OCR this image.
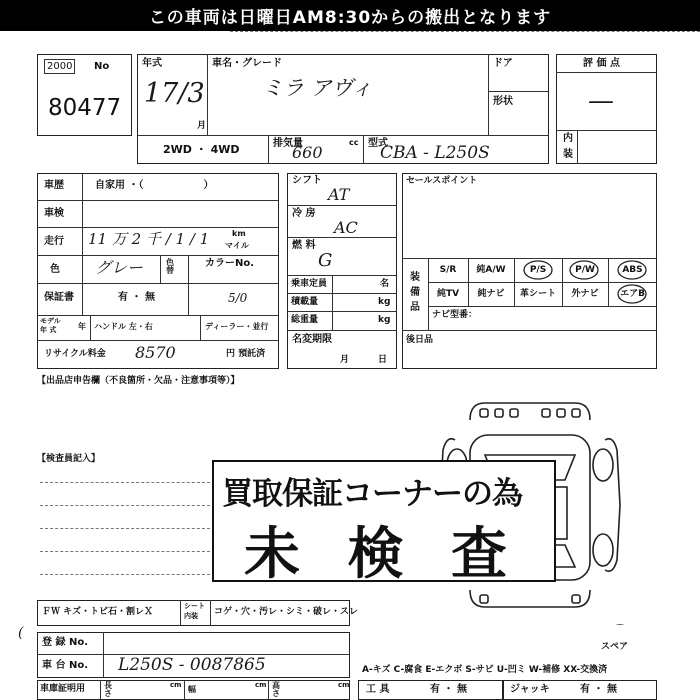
この車両は日曜日AM8:30からの搬出となります
2000	No
80477
年式
17/3
月
車名・グレード
ミラ アヴィ
ドア
形状
2WD ・ 4WD	排気量	cc
660	型式
CBA - L250S
評 価 点
—
内
装
車歴	自家用 ・（　　　　　　）
車検
走行 11 万 2 千 / 1 / 1	km
マイル
色 グレー	色替
カラーNo.
保証書	有 ・ 無	5/0
モデル
年 式	年 ハンドル 左・右	ディーラー・並行
リサイクル料金 8570	円 預託済
シフト
AT
冷 房
AC
燃 料
G
乗車定員	名
積載量	kg
総重量	kg
名変期限
月	日
セールスポイント
装備品
S/R	純A/W	P/S	P/W	ABS
純TV	純ナビ	革シート	外ナビ	エアB
ナビ型番：
後日品
【出品店申告欄（不良箇所・欠品・注意事項等）】
【検査員記入】
スペア
買取保証コーナーの為
未 検 査
ＦＷ キズ・トビ石・割レＸ
シート
内装 コゲ・穴・汚レ・シミ・破レ・スレ
登 録 No.
車 台 No. L250S - 0087865
(
車庫証明用 長さ
cm 幅	cm 高さ
cm
A-キズ C-腐食 E-エクボ S-サビ U-凹ミ W-補修 XX-交換済
工 具	有 ・ 無	ジャッキ	有 ・ 無
